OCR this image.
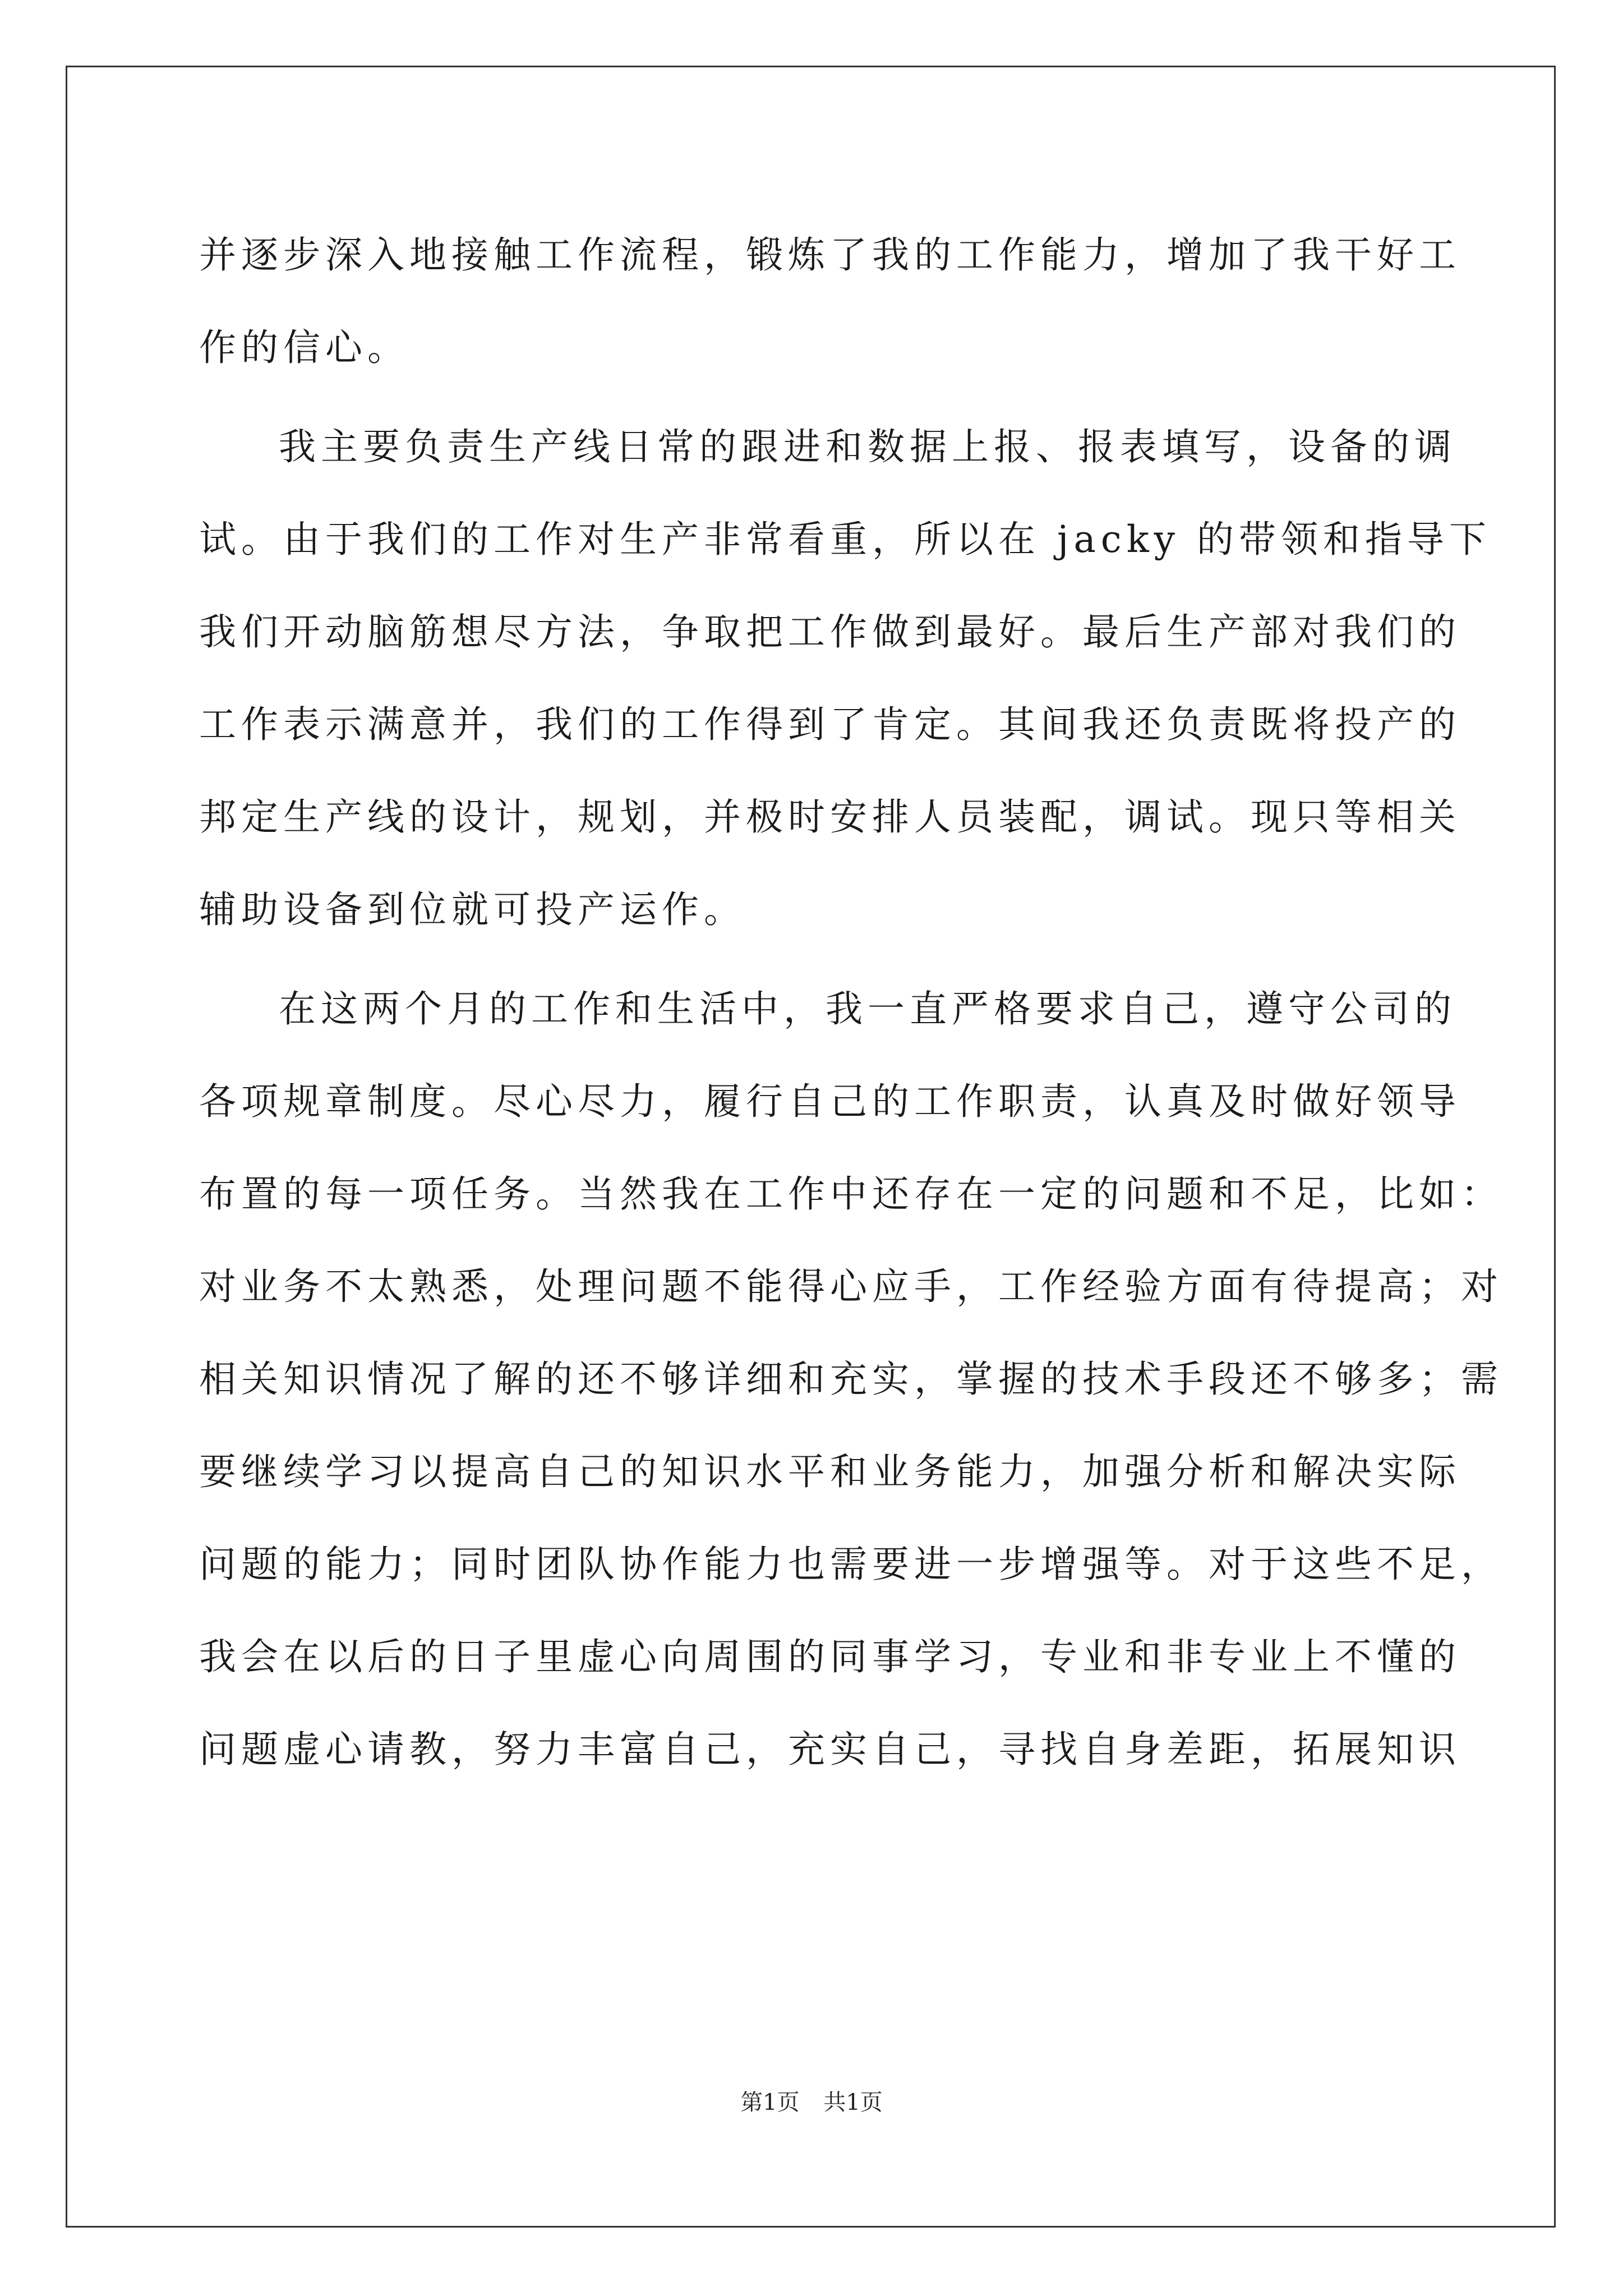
并逐步深入地接触工作流程，锻炼了我的工作能力，增加了我干好工
作的信心。
我主要负责生产线日常的跟进和数据上报、报表填写，设备的调
试。由于我们的工作对生产非常看重，所以在 jacky 的带领和指导下
我们开动脑筋想尽方法，争取把工作做到最好。最后生产部对我们的
工作表示满意并，我们的工作得到了肯定。其间我还负责既将投产的
邦定生产线的设计，规划，并极时安排人员装配，调试。现只等相关
辅助设备到位就可投产运作。
在这两个月的工作和生活中，我一直严格要求自己，遵守公司的
各项规章制度。尽心尽力，履行自己的工作职责，认真及时做好领导
布置的每一项任务。当然我在工作中还存在一定的问题和不足，比如：
对业务不太熟悉，处理问题不能得心应手，工作经验方面有待提高；对
相关知识情况了解的还不够详细和充实，掌握的技术手段还不够多；需
要继续学习以提高自己的知识水平和业务能力，加强分析和解决实际
问题的能力；同时团队协作能力也需要进一步增强等。对于这些不足，
我会在以后的日子里虚心向周围的同事学习，专业和非专业上不懂的
问题虚心请教，努力丰富自己，充实自己，寻找自身差距，拓展知识
第1页 共1页
